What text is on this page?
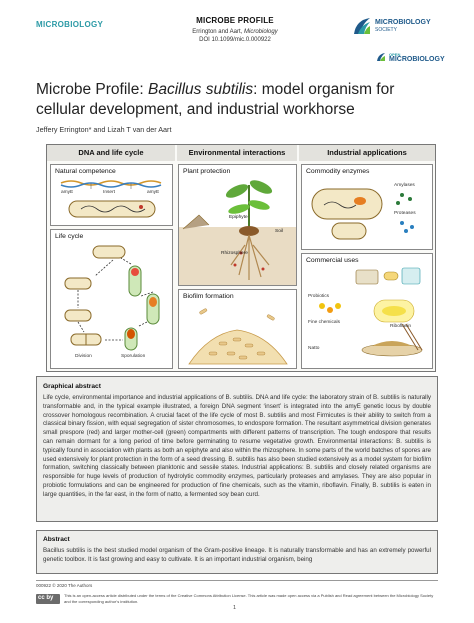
MICROBIOLOGY	MICROBE PROFILE
Errington and Aart, Microbiology
DOI 10.1099/mic.0.000922
MICROBIOLOGY
SOCIETY
OPEN
MICROBIOLOGY
Microbe Profile: Bacillus subtilis: model organism for cellular development, and industrial workhorse
Jeffery Errington* and Lizah T van der Aart
DNA and life cycle	Environmental interactions	Industrial applications
Natural competence
amyE	Insert	amyE
Life cycle
Division	Sporulation
Plant protection
Epiphyte
Soil
Rhizosphere
Biofilm formation
Commodity enzymes
Amylases
Proteases
Commercial uses
Probiotics
Fine chemicals
Riboflavin
Natto
Graphical abstract
Life cycle, environmental importance and industrial applications of B. subtilis. DNA and life cycle: the laboratory strain of B. subtilis is naturally transformable and, in the typical example illustrated, a foreign DNA segment ‘insert’ is integrated into the amyE genetic locus by double crossover homologous recombination. A crucial facet of the life cycle of most B. subtilis and most Firmicutes is their ability to switch from a classical binary fission, with equal segregation of sister chromosomes, to endospore formation. The resultant asymmetrical division generates small prespore (red) and larger mother-cell (green) compartments with different patterns of transcription. The tough endospore that results can remain dormant for a long period of time before germinating to resume vegetative growth. Environmental interactions: B. subtilis is typically found in association with plants as both an epiphyte and also within the rhizosphere. In some parts of the world batches of spores are used extensively for plant protection in the form of a seed dressing. B. subtilis has also been studied extensively as a model system for biofilm formation, switching classically between planktonic and sessile states. Industrial applications: B. subtilis and closely related organisms are responsible for huge levels of production of hydrolytic commodity enzymes, particularly proteases and amylases. They are also popular in probiotic formulations and can be engineered for production of fine chemicals, such as the vitamin, riboflavin. Finally, B. subtilis is eaten in large quantities, in the far east, in the form of natto, a fermented soy bean curd.
Abstract
Bacillus subtilis is the best studied model organism of the Gram-positive lineage. It is naturally transformable and has an extremely powerful genetic toolbox. It is fast growing and easy to cultivate. It is an important industrial organism, being
000922 © 2020 The Authors
cc by	This is an open-access article distributed under the terms of the Creative Commons Attribution License. This article was made open access via a Publish and Read agreement between the Microbiology Society and the corresponding author’s institution.
1
